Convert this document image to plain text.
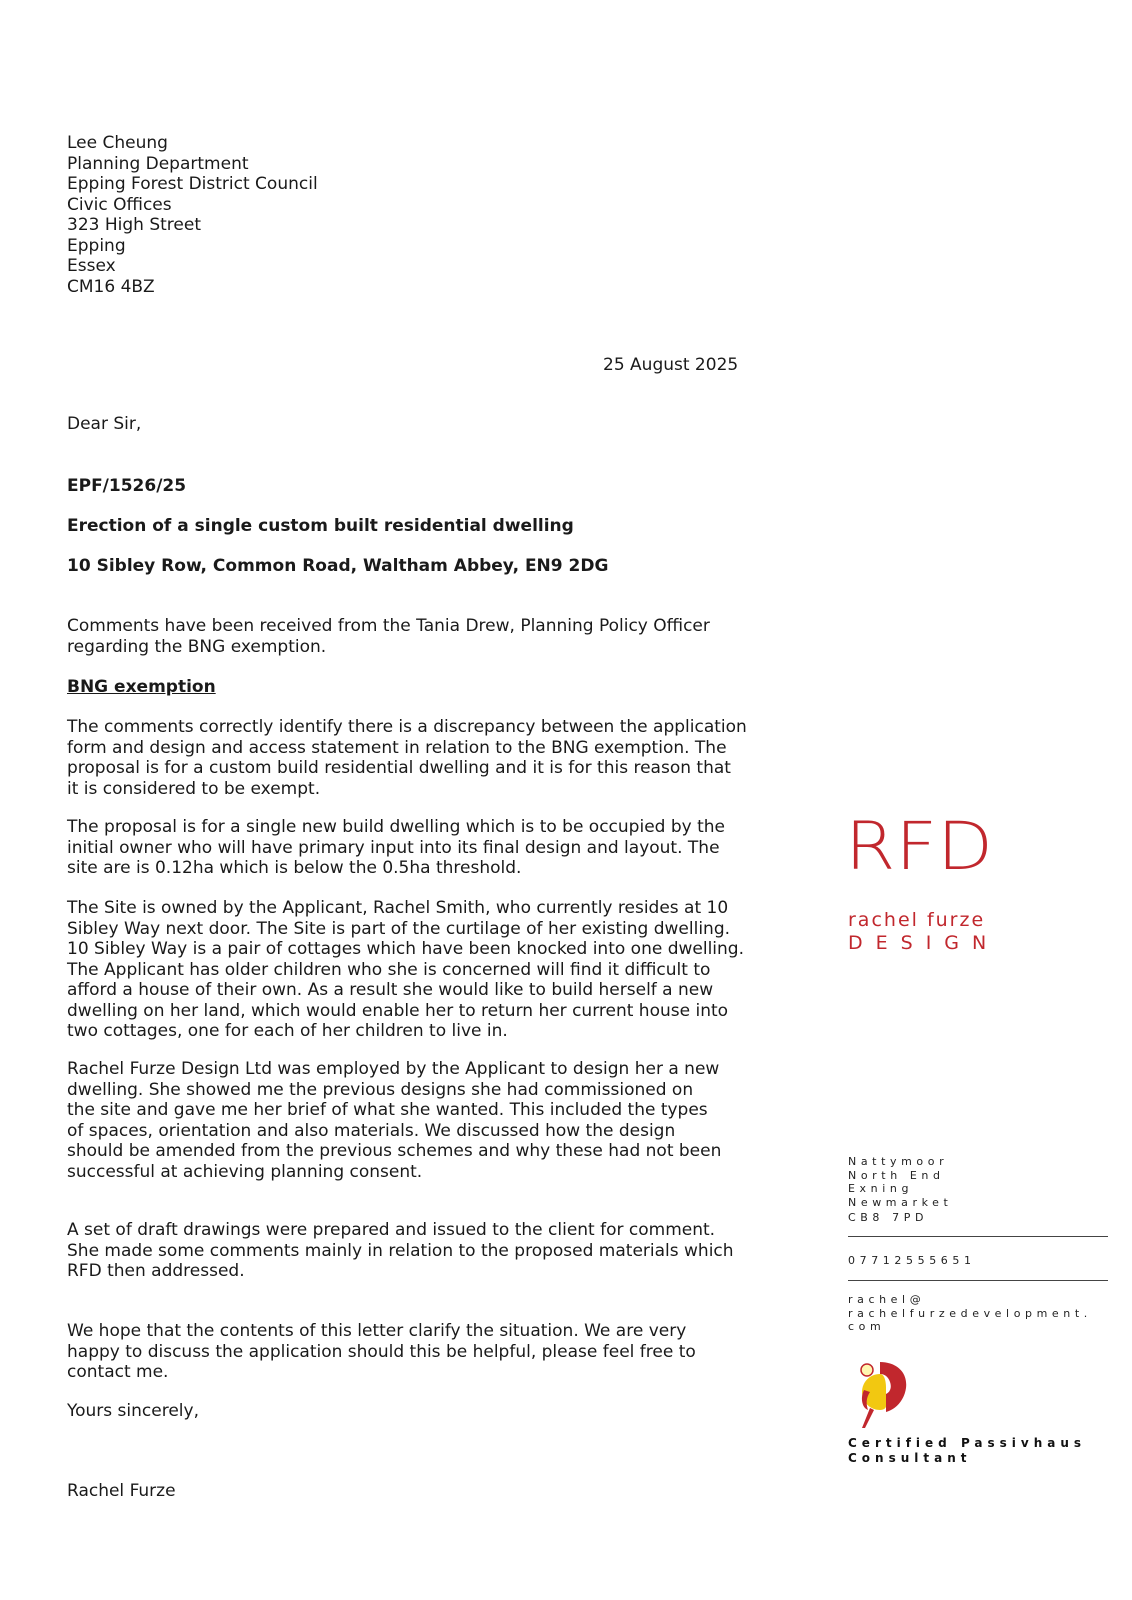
Lee Cheung
Planning Department
Epping Forest District Council
Civic Offices
323 High Street
Epping
Essex
CM16 4BZ
25 August 2025
Dear Sir,
EPF/1526/25
Erection of a single custom built residential dwelling
10 Sibley Row, Common Road, Waltham Abbey, EN9 2DG
Comments have been received from the Tania Drew, Planning Policy Officer
regarding the BNG exemption.
BNG exemption
The comments correctly identify there is a discrepancy between the application
form and design and access statement in relation to the BNG exemption. The
proposal is for a custom build residential dwelling and it is for this reason that
it is considered to be exempt.
The proposal is for a single new build dwelling which is to be occupied by the
initial owner who will have primary input into its final design and layout. The
site are is 0.12ha which is below the 0.5ha threshold.
The Site is owned by the Applicant, Rachel Smith, who currently resides at 10
Sibley Way next door. The Site is part of the curtilage of her existing dwelling.
10 Sibley Way is a pair of cottages which have been knocked into one dwelling.
The Applicant has older children who she is concerned will find it difficult to
afford a house of their own. As a result she would like to build herself a new
dwelling on her land, which would enable her to return her current house into
two cottages, one for each of her children to live in.
Rachel Furze Design Ltd was employed by the Applicant to design her a new
dwelling. She showed me the previous designs she had commissioned on
the site and gave me her brief of what she wanted. This included the types
of spaces, orientation and also materials. We discussed how the design
should be amended from the previous schemes and why these had not been
successful at achieving planning consent.
A set of draft drawings were prepared and issued to the client for comment.
She made some comments mainly in relation to the proposed materials which
RFD then addressed.
We hope that the contents of this letter clarify the situation. We are very
happy to discuss the application should this be helpful, please feel free to
contact me.
Yours sincerely,
Rachel Furze
RFD
rachel furze
DESIGN
Nattymoor
North End
Exning
Newmarket
CB8 7PD
07712555651
rachel@
rachelfurzedevelopment.
com
Certified Passivhaus
Consultant
